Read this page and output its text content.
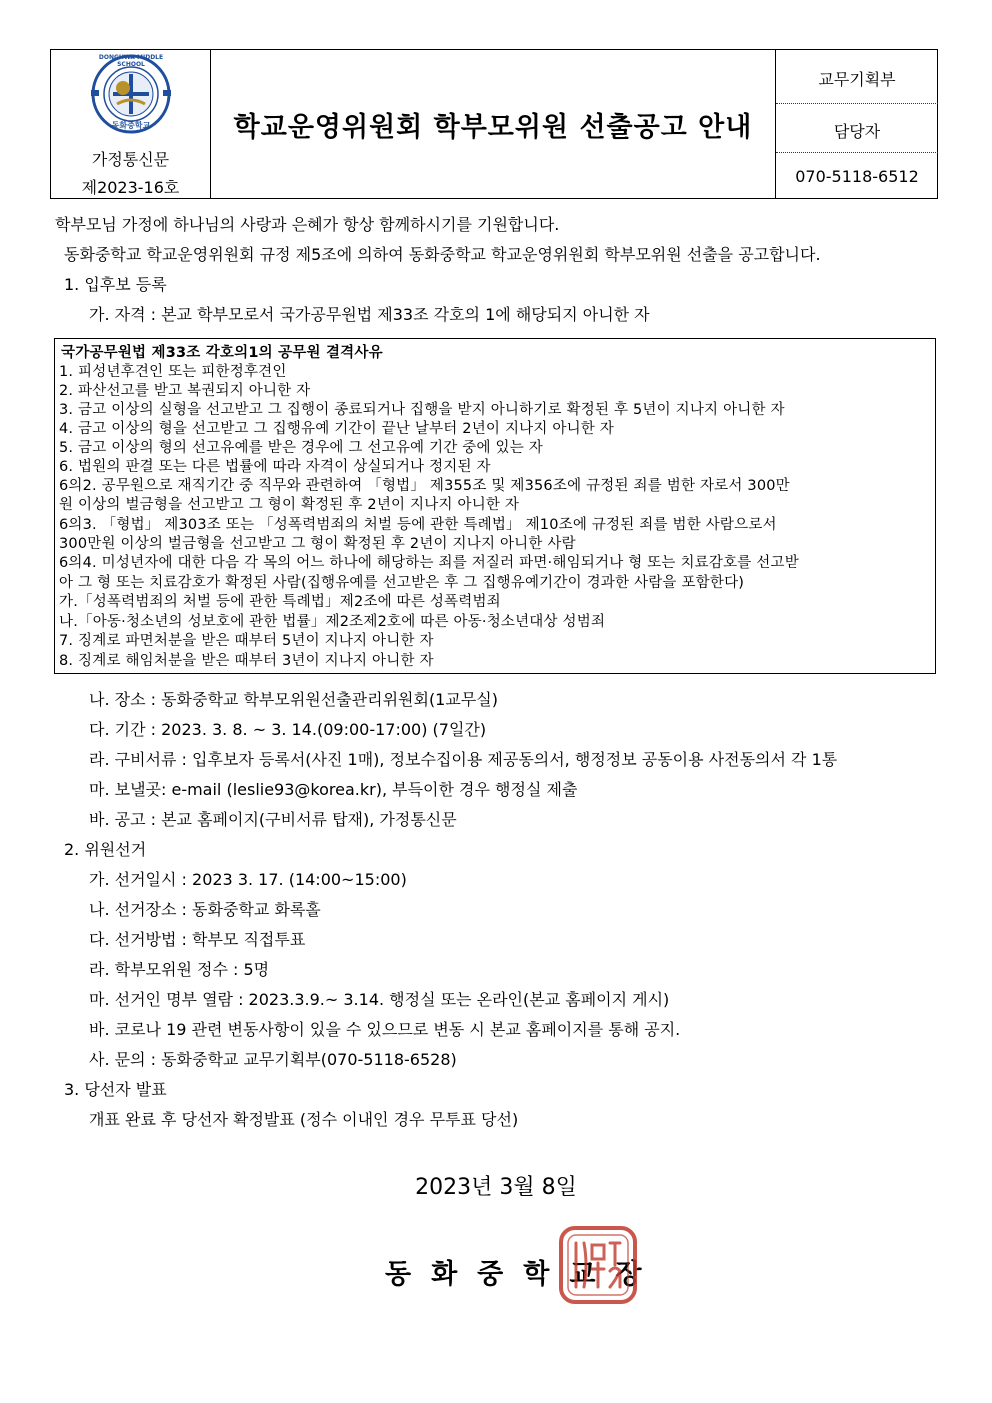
DONGHWA MIDDLE SCHOOL
동화중학교
가정통신문
제2023-16호
학교운영위원회 학부모위원 선출공고 안내
교무기획부
담당자
070-5118-6512
학부모님 가정에 하나님의 사랑과 은혜가 항상 함께하시기를 기원합니다.
동화중학교 학교운영위원회 규정 제5조에 의하여 동화중학교 학교운영위원회 학부모위원 선출을 공고합니다.
1. 입후보 등록
가. 자격 : 본교 학부모로서 국가공무원법 제33조 각호의 1에 해당되지 아니한 자
국가공무원법 제33조 각호의1의 공무원 결격사유
1. 피성년후견인 또는 피한정후견인
2. 파산선고를 받고 복권되지 아니한 자
3. 금고 이상의 실형을 선고받고 그 집행이 종료되거나 집행을 받지 아니하기로 확정된 후 5년이 지나지 아니한 자
4. 금고 이상의 형을 선고받고 그 집행유예 기간이 끝난 날부터 2년이 지나지 아니한 자
5. 금고 이상의 형의 선고유예를 받은 경우에 그 선고유예 기간 중에 있는 자
6. 법원의 판결 또는 다른 법률에 따라 자격이 상실되거나 정지된 자
6의2. 공무원으로 재직기간 중 직무와 관련하여 「형법」 제355조 및 제356조에 규정된 죄를 범한 자로서 300만
원 이상의 벌금형을 선고받고 그 형이 확정된 후 2년이 지나지 아니한 자
6의3. 「형법」 제303조 또는 「성폭력범죄의 처벌 등에 관한 특례법」 제10조에 규정된 죄를 범한 사람으로서
300만원 이상의 벌금형을 선고받고 그 형이 확정된 후 2년이 지나지 아니한 사람
6의4. 미성년자에 대한 다음 각 목의 어느 하나에 해당하는 죄를 저질러 파면·해임되거나 형 또는 치료감호를 선고받
아 그 형 또는 치료감호가 확정된 사람(집행유예를 선고받은 후 그 집행유예기간이 경과한 사람을 포함한다)
가.「성폭력범죄의 처벌 등에 관한 특례법」제2조에 따른 성폭력범죄
나.「아동·청소년의 성보호에 관한 법률」제2조제2호에 따른 아동·청소년대상 성범죄
7. 징계로 파면처분을 받은 때부터 5년이 지나지 아니한 자
8. 징계로 해임처분을 받은 때부터 3년이 지나지 아니한 자
나. 장소 : 동화중학교 학부모위원선출관리위원회(1교무실)
다. 기간 : 2023. 3. 8. ~ 3. 14.(09:00-17:00) (7일간)
라. 구비서류 : 입후보자 등록서(사진 1매), 정보수집이용 제공동의서, 행정정보 공동이용 사전동의서 각 1통
마. 보낼곳: e-mail (leslie93@korea.kr), 부득이한 경우 행정실 제출
바. 공고 : 본교 홈페이지(구비서류 탑재), 가정통신문
2. 위원선거
가. 선거일시 : 2023 3. 17. (14:00~15:00)
나. 선거장소 : 동화중학교 화록홀
다. 선거방법 : 학부모 직접투표
라. 학부모위원 정수 : 5명
마. 선거인 명부 열람 : 2023.3.9.~ 3.14. 행정실 또는 온라인(본교 홈페이지 게시)
바. 코로나 19 관련 변동사항이 있을 수 있으므로 변동 시 본교 홈페이지를 통해 공지.
사. 문의 : 동화중학교 교무기획부(070-5118-6528)
3. 당선자 발표
개표 완료 후 당선자 확정발표 (정수 이내인 경우 무투표 당선)
2023년 3월 8일
동화중학교장
